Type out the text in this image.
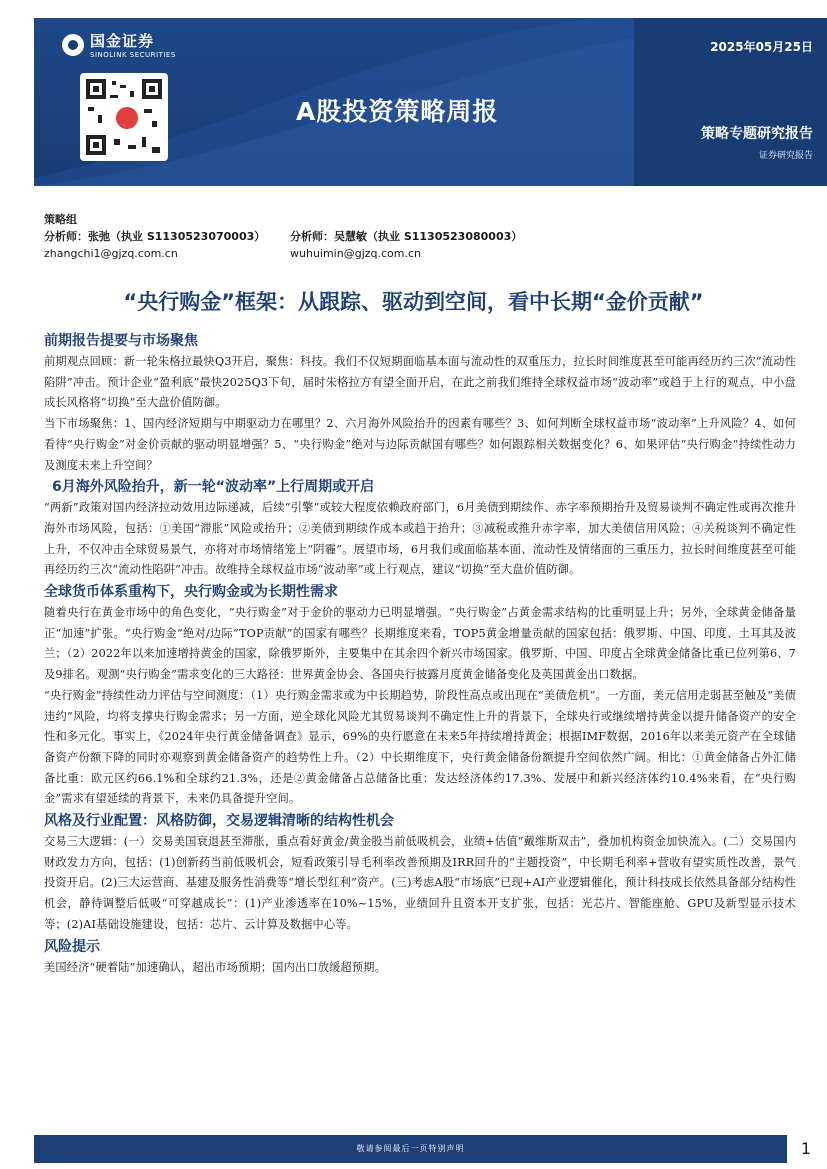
国金证券
SINOLINK SECURITIES
2025年05月25日
A股投资策略周报
策略专题研究报告
证券研究报告
策略组
分析师：张弛（执业 S1130523070003） 分析师：吴慧敏（执业 S1130523080003）
zhangchi1@gjzq.com.cn	wuhuimin@gjzq.com.cn
“央行购金”框架：从跟踪、驱动到空间，看中长期“金价贡献”
前期报告提要与市场聚焦

前期观点回顾：新一轮朱格拉最快Q3开启，聚焦：科技。我们不仅短期面临基本面与流动性的双重压力，拉长时间维度甚至可能再经历约三次“流动性陷阱”冲击。预计企业“盈利底”最快2025Q3下旬，届时朱格拉方有望全面开启，在此之前我们维持全球权益市场“波动率”或趋于上行的观点，中小盘成长风格将“切换”至大盘价值防御。

当下市场聚焦：1、国内经济短期与中期驱动力在哪里？2、六月海外风险抬升的因素有哪些？3、如何判断全球权益市场“波动率”上升风险？4、如何看待“央行购金”对金价贡献的驱动明显增强？5、“央行购金”绝对与边际贡献国有哪些？如何跟踪相关数据变化？6、如果评估“央行购金”持续性动力及测度未来上升空间？

6月海外风险抬升，新一轮“波动率”上行周期或开启

“两新”政策对国内经济拉动效用边际递减，后续“引擎”或较大程度依赖政府部门，6月美债到期续作、赤字率预期抬升及贸易谈判不确定性或再次推升海外市场风险，包括：①美国“滞胀”风险或抬升；②美债到期续作成本或趋于抬升；③减税或推升赤字率，加大美债信用风险；④关税谈判不确定性上升，不仅冲击全球贸易景气，亦将对市场情绪笼上“阴霾”。展望市场，6月我们或面临基本面、流动性及情绪面的三重压力，拉长时间维度甚至可能再经历约三次“流动性陷阱”冲击。故维持全球权益市场“波动率”或上行观点，建议“切换”至大盘价值防御。

全球货币体系重构下，央行购金或为长期性需求

随着央行在黄金市场中的角色变化，“央行购金”对于金价的驱动力已明显增强。“央行购金”占黄金需求结构的比重明显上升；另外，全球黄金储备量正“加速”扩张。“央行购金”绝对/边际“TOP贡献”的国家有哪些？长期维度来看，TOP5黄金增量贡献的国家包括：俄罗斯、中国、印度、土耳其及波兰；（2）2022年以来加速增持黄金的国家，除俄罗斯外，主要集中在其余四个新兴市场国家。俄罗斯、中国、印度占全球黄金储备比重已位列第6、7及9排名。观测“央行购金”需求变化的三大路径：世界黄金协会、各国央行披露月度黄金储备变化及英国黄金出口数据。

“央行购金”持续性动力评估与空间测度：（1）央行购金需求或为中长期趋势，阶段性高点或出现在“美债危机”。一方面，美元信用走弱甚至触及“美债违约”风险，均将支撑央行购金需求；另一方面，逆全球化风险尤其贸易谈判不确定性上升的背景下，全球央行或继续增持黄金以提升储备资产的安全性和多元化。事实上，《2024年央行黄金储备调查》显示，69%的央行愿意在未来5年持续增持黄金；根据IMF数据，2016年以来美元资产在全球储备资产份额下降的同时亦观察到黄金储备资产的趋势性上升。（2）中长期维度下，央行黄金储备份额提升空间依然广阔。相比：①黄金储备占外汇储备比重：欧元区约66.1%和全球约21.3%，还是②黄金储备占总储备比重：发达经济体约17.3%、发展中和新兴经济体约10.4%来看，在“央行购金”需求有望延续的背景下，未来仍具备提升空间。

风格及行业配置：风格防御，交易逻辑清晰的结构性机会

交易三大逻辑：(一）交易美国衰退甚至滞胀，重点看好黄金/黄金股当前低吸机会，业绩+估值“戴维斯双击”，叠加机构资金加快流入。(二）交易国内财政发力方向，包括：(1)创新药当前低吸机会，短看政策引导毛利率改善预期及IRR回升的“主题投资”，中长期毛利率+营收有望实质性改善，景气投资开启。(2)三大运营商、基建及服务性消费等“增长型红利”资产。(三)考虑A股“市场底”已现+AI产业逻辑催化，预计科技成长依然具备部分结构性机会，静待调整后低吸“可穿越成长”：(1)产业渗透率在10%~15%，业绩回升且资本开支扩张，包括：光芯片、智能座舱、GPU及新型显示技术等；(2)AI基础设施建设，包括：芯片、云计算及数据中心等。

风险提示

美国经济“硬着陆”加速确认，超出市场预期；国内出口放缓超预期。

敬请参阅最后一页特别声明	1
